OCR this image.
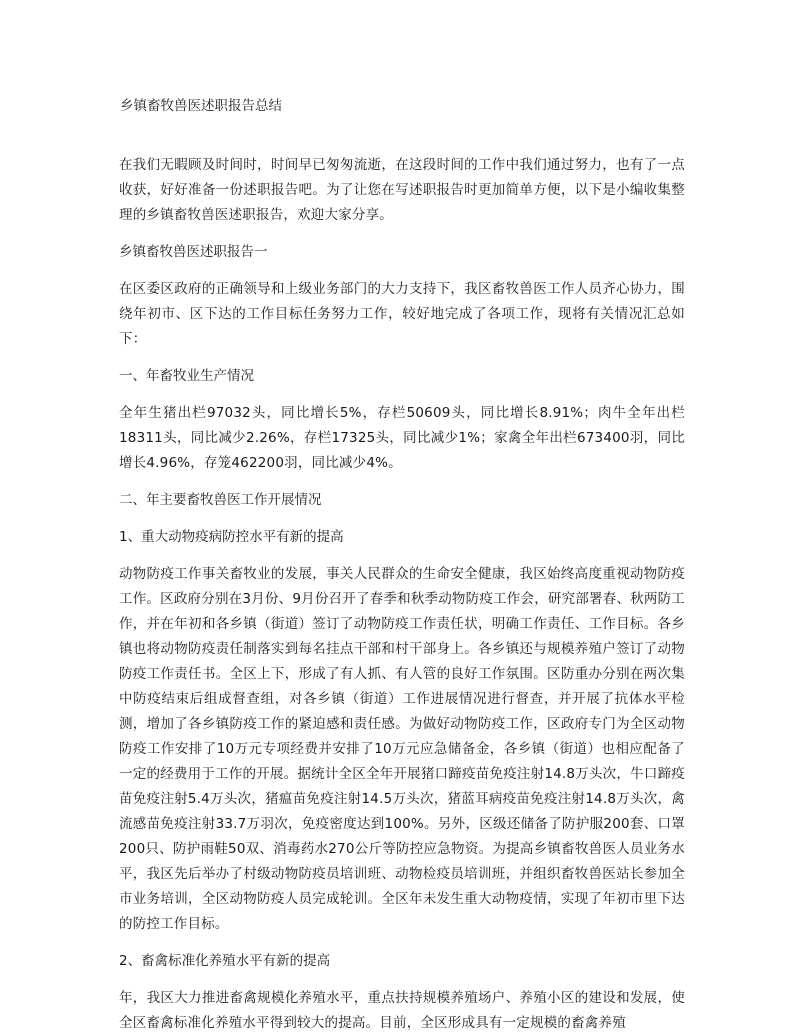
乡镇畜牧兽医述职报告总结

在我们无暇顾及时间时，时间早已匆匆流逝，在这段时间的工作中我们通过努力，也有了一点收获，好好准备一份述职报告吧。为了让您在写述职报告时更加简单方便，以下是小编收集整理的乡镇畜牧兽医述职报告，欢迎大家分享。

乡镇畜牧兽医述职报告一

在区委区政府的正确领导和上级业务部门的大力支持下，我区畜牧兽医工作人员齐心协力，围绕年初市、区下达的工作目标任务努力工作，较好地完成了各项工作，现将有关情况汇总如下：

一、年畜牧业生产情况

全年生猪出栏97032头，同比增长5%，存栏50609头，同比增长8.91%；肉牛全年出栏18311头，同比减少2.26%，存栏17325头，同比减少1%；家禽全年出栏673400羽，同比增长4.96%，存笼462200羽，同比减少4%。

二、年主要畜牧兽医工作开展情况

1、重大动物疫病防控水平有新的提高

动物防疫工作事关畜牧业的发展，事关人民群众的生命安全健康，我区始终高度重视动物防疫工作。区政府分别在3月份、9月份召开了春季和秋季动物防疫工作会，研究部署春、秋两防工作，并在年初和各乡镇（街道）签订了动物防疫工作责任状，明确工作责任、工作目标。各乡镇也将动物防疫责任制落实到每名挂点干部和村干部身上。各乡镇还与规模养殖户签订了动物防疫工作责任书。全区上下，形成了有人抓、有人管的良好工作氛围。区防重办分别在两次集中防疫结束后组成督查组，对各乡镇（街道）工作进展情况进行督查，并开展了抗体水平检测，增加了各乡镇防疫工作的紧迫感和责任感。为做好动物防疫工作，区政府专门为全区动物防疫工作安排了10万元专项经费并安排了10万元应急储备金，各乡镇（街道）也相应配备了一定的经费用于工作的开展。据统计全区全年开展猪口蹄疫苗免疫注射14.8万头次，牛口蹄疫苗免疫注射5.4万头次，猪瘟苗免疫注射14.5万头次，猪蓝耳病疫苗免疫注射14.8万头次，禽流感苗免疫注射33.7万羽次，免疫密度达到100%。另外，区级还储备了防护服200套、口罩200只、防护雨鞋50双、消毒药水270公斤等防控应急物资。为提高乡镇畜牧兽医人员业务水平，我区先后举办了村级动物防疫员培训班、动物检疫员培训班，并组织畜牧兽医站长参加全市业务培训，全区动物防疫人员完成轮训。全区年未发生重大动物疫情，实现了年初市里下达的防控工作目标。

2、畜禽标准化养殖水平有新的提高

年，我区大力推进畜禽规模化养殖水平，重点扶持规模养殖场户、养殖小区的建设和发展，使全区畜禽标准化养殖水平得到较大的提高。目前，全区形成具有一定规模的畜禽养殖
